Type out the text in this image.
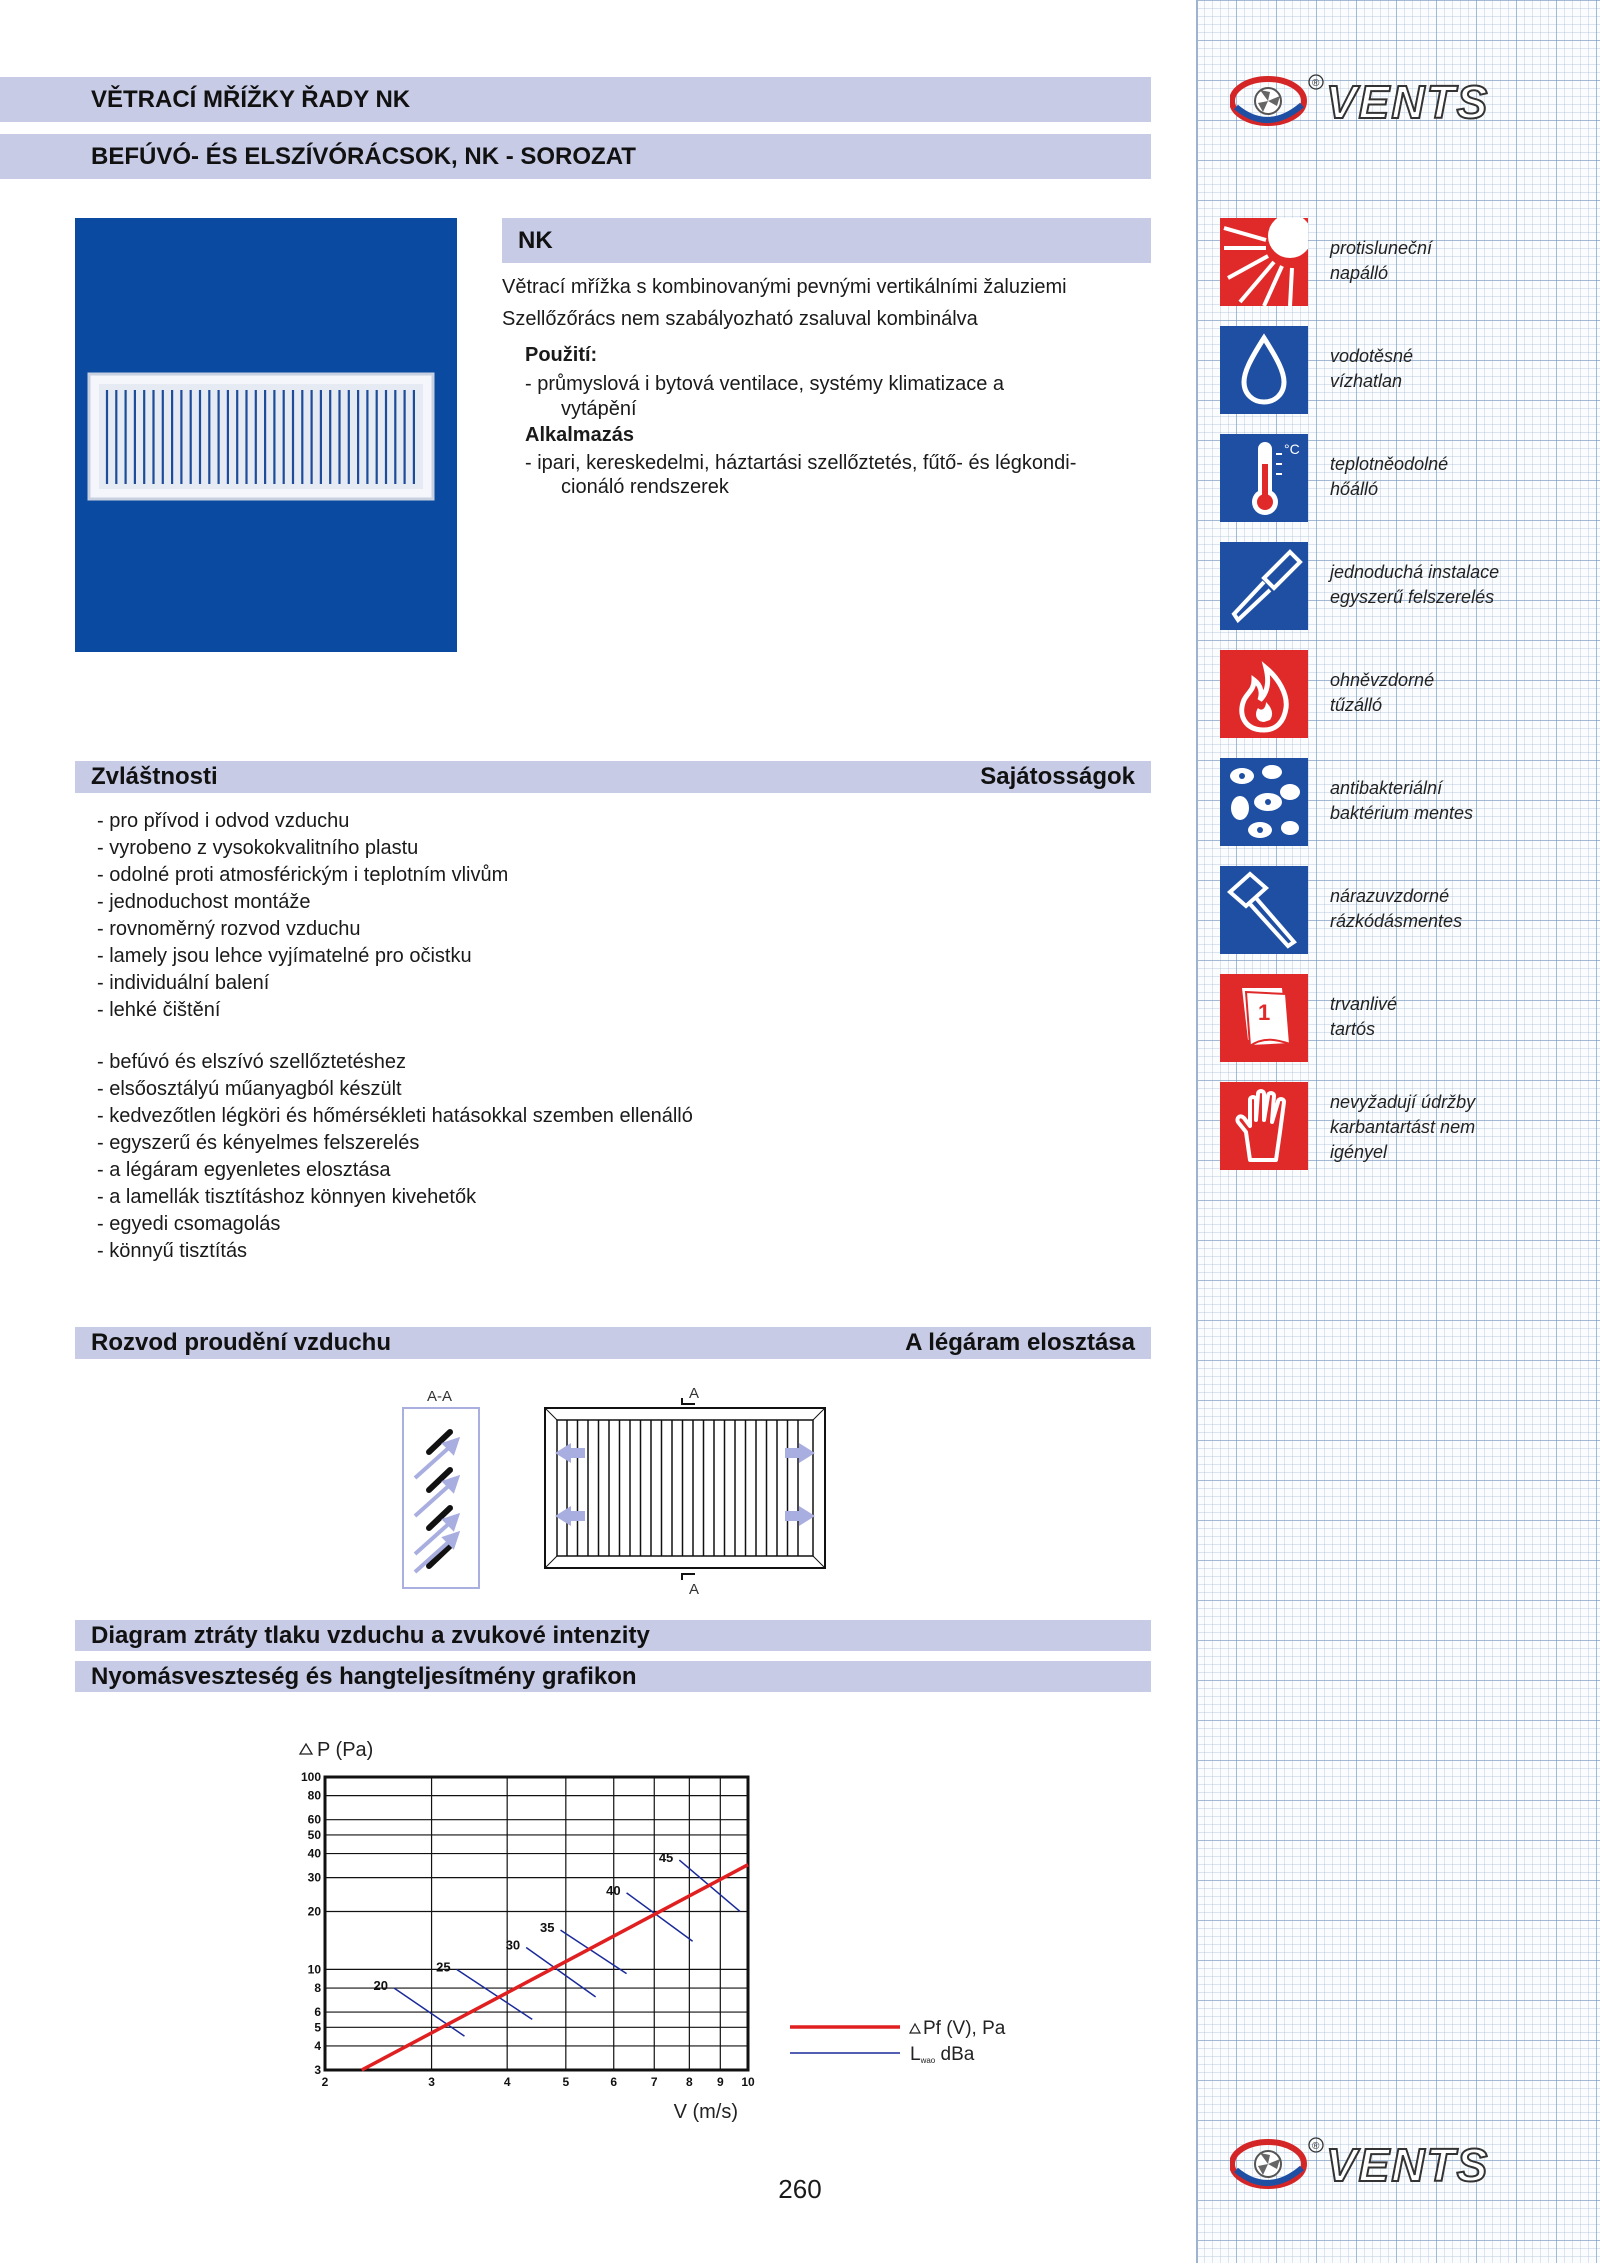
® VENTS
VĚTRACÍ MŘÍŽKY ŘADY NK
BEFÚVÓ- ÉS ELSZÍVÓRÁCSOK, NK - SOROZAT
NK
Větrací mřížka s kombinovanými pevnými vertikálními žaluziemi
Szellőzőrács nem szabályozható zsaluval kombinálva
Použití:
- průmyslová i bytová ventilace, systémy klimatizace a
vytápění
Alkalmazás
- ipari, kereskedelmi, háztartási szellőztetés, fűtő- és légkondi-
cionáló rendszerek
Zvláštnosti	Sajátosságok
- pro přívod i odvod vzduchu
- vyrobeno z vysokokvalitního plastu
- odolné proti atmosférickým i teplotním vlivům
- jednoduchost montáže
- rovnoměrný rozvod vzduchu
- lamely jsou lehce vyjímatelné pro očistku
- individuální balení
- lehké čištění
- befúvó és elszívó szellőztetéshez
- elsőosztályú műanyagból készült
- kedvezőtlen légköri és hőmérsékleti hatásokkal szemben ellenálló
- egyszerű és kényelmes felszerelés
- a légáram egyenletes elosztása
- a lamellák tisztításhoz könnyen kivehetők
- egyedi csomagolás
- könnyű tisztítás
Rozvod proudění vzduchu	A légáram elosztása
A-A	A
A
Diagram ztráty tlaku vzduchu a zvukové intenzity
Nyomásveszteség és hangteljesítmény grafikon
2	3	4	5	6	7 8 9 10
3
4
5
6
8
10
20
30
40
50
60
80
100
P (Pa)
V (m/s)
20
25
30
35
40
45
Pf (V), Pa
Lwao dBa
260
protisluneční
napálló
vodotěsné
vízhatlan
°C
teplotněodolné
hőálló
jednoduchá instalace
egyszerű felszerelés
ohněvzdorné
tűzálló
antibakteriální
baktérium mentes
nárazuvzdorné
rázkódásmentes
1	trvanlivé
tartós
nevyžadují údržby
karbantartást nem
igényel
® VENTS
